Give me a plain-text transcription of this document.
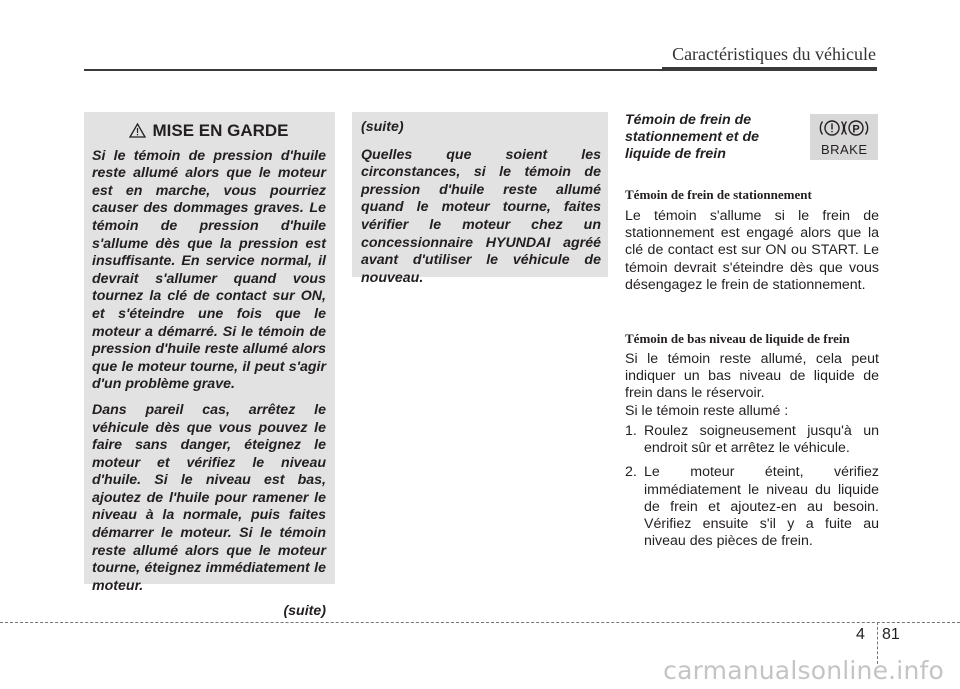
Caractéristiques du véhicule
MISE EN GARDE

Si le témoin de pression d'huile reste allumé alors que le moteur est en marche, vous pourriez causer des dommages graves. Le témoin de pression d'huile s'allume dès que la pression est insuffisante. En service normal, il devrait s'allumer quand vous tournez la clé de contact sur ON, et s'éteindre une fois que le moteur a démarré. Si le témoin de pression d'huile reste allumé alors que le moteur tourne, il peut s'agir d'un problème grave.

Dans pareil cas, arrêtez le véhicule dès que vous pouvez le faire sans danger, éteignez le moteur et vérifiez le niveau d'huile. Si le niveau est bas, ajoutez de l'huile pour ramener le niveau à la normale, puis faites démarrer le moteur. Si le témoin reste allumé alors que le moteur tourne, éteignez immédiatement le moteur.

(suite)

(suite)

Quelles que soient les circonstances, si le témoin de pression d'huile reste allumé quand le moteur tourne, faites vérifier le moteur chez un concessionnaire HYUNDAI agréé avant d'utiliser le véhicule de nouveau.

Témoin de frein de stationnement et de liquide de frein

P
BRAKE

Témoin de frein de stationnement

Le témoin s'allume si le frein de stationnement est engagé alors que la clé de contact est sur ON ou START. Le témoin devrait s'éteindre dès que vous désengagez le frein de stationnement.

Témoin de bas niveau de liquide de frein

Si le témoin reste allumé, cela peut indiquer un bas niveau de liquide de frein dans le réservoir.

Si le témoin reste allumé :

1. Roulez soigneusement jusqu'à un endroit sûr et arrêtez le véhicule.
2. Le moteur éteint, vérifiez immédiatement le niveau du liquide de frein et ajoutez-en au besoin. Vérifiez ensuite s'il y a fuite au niveau des pièces de frein.
4 81
carmanualsonline.info
